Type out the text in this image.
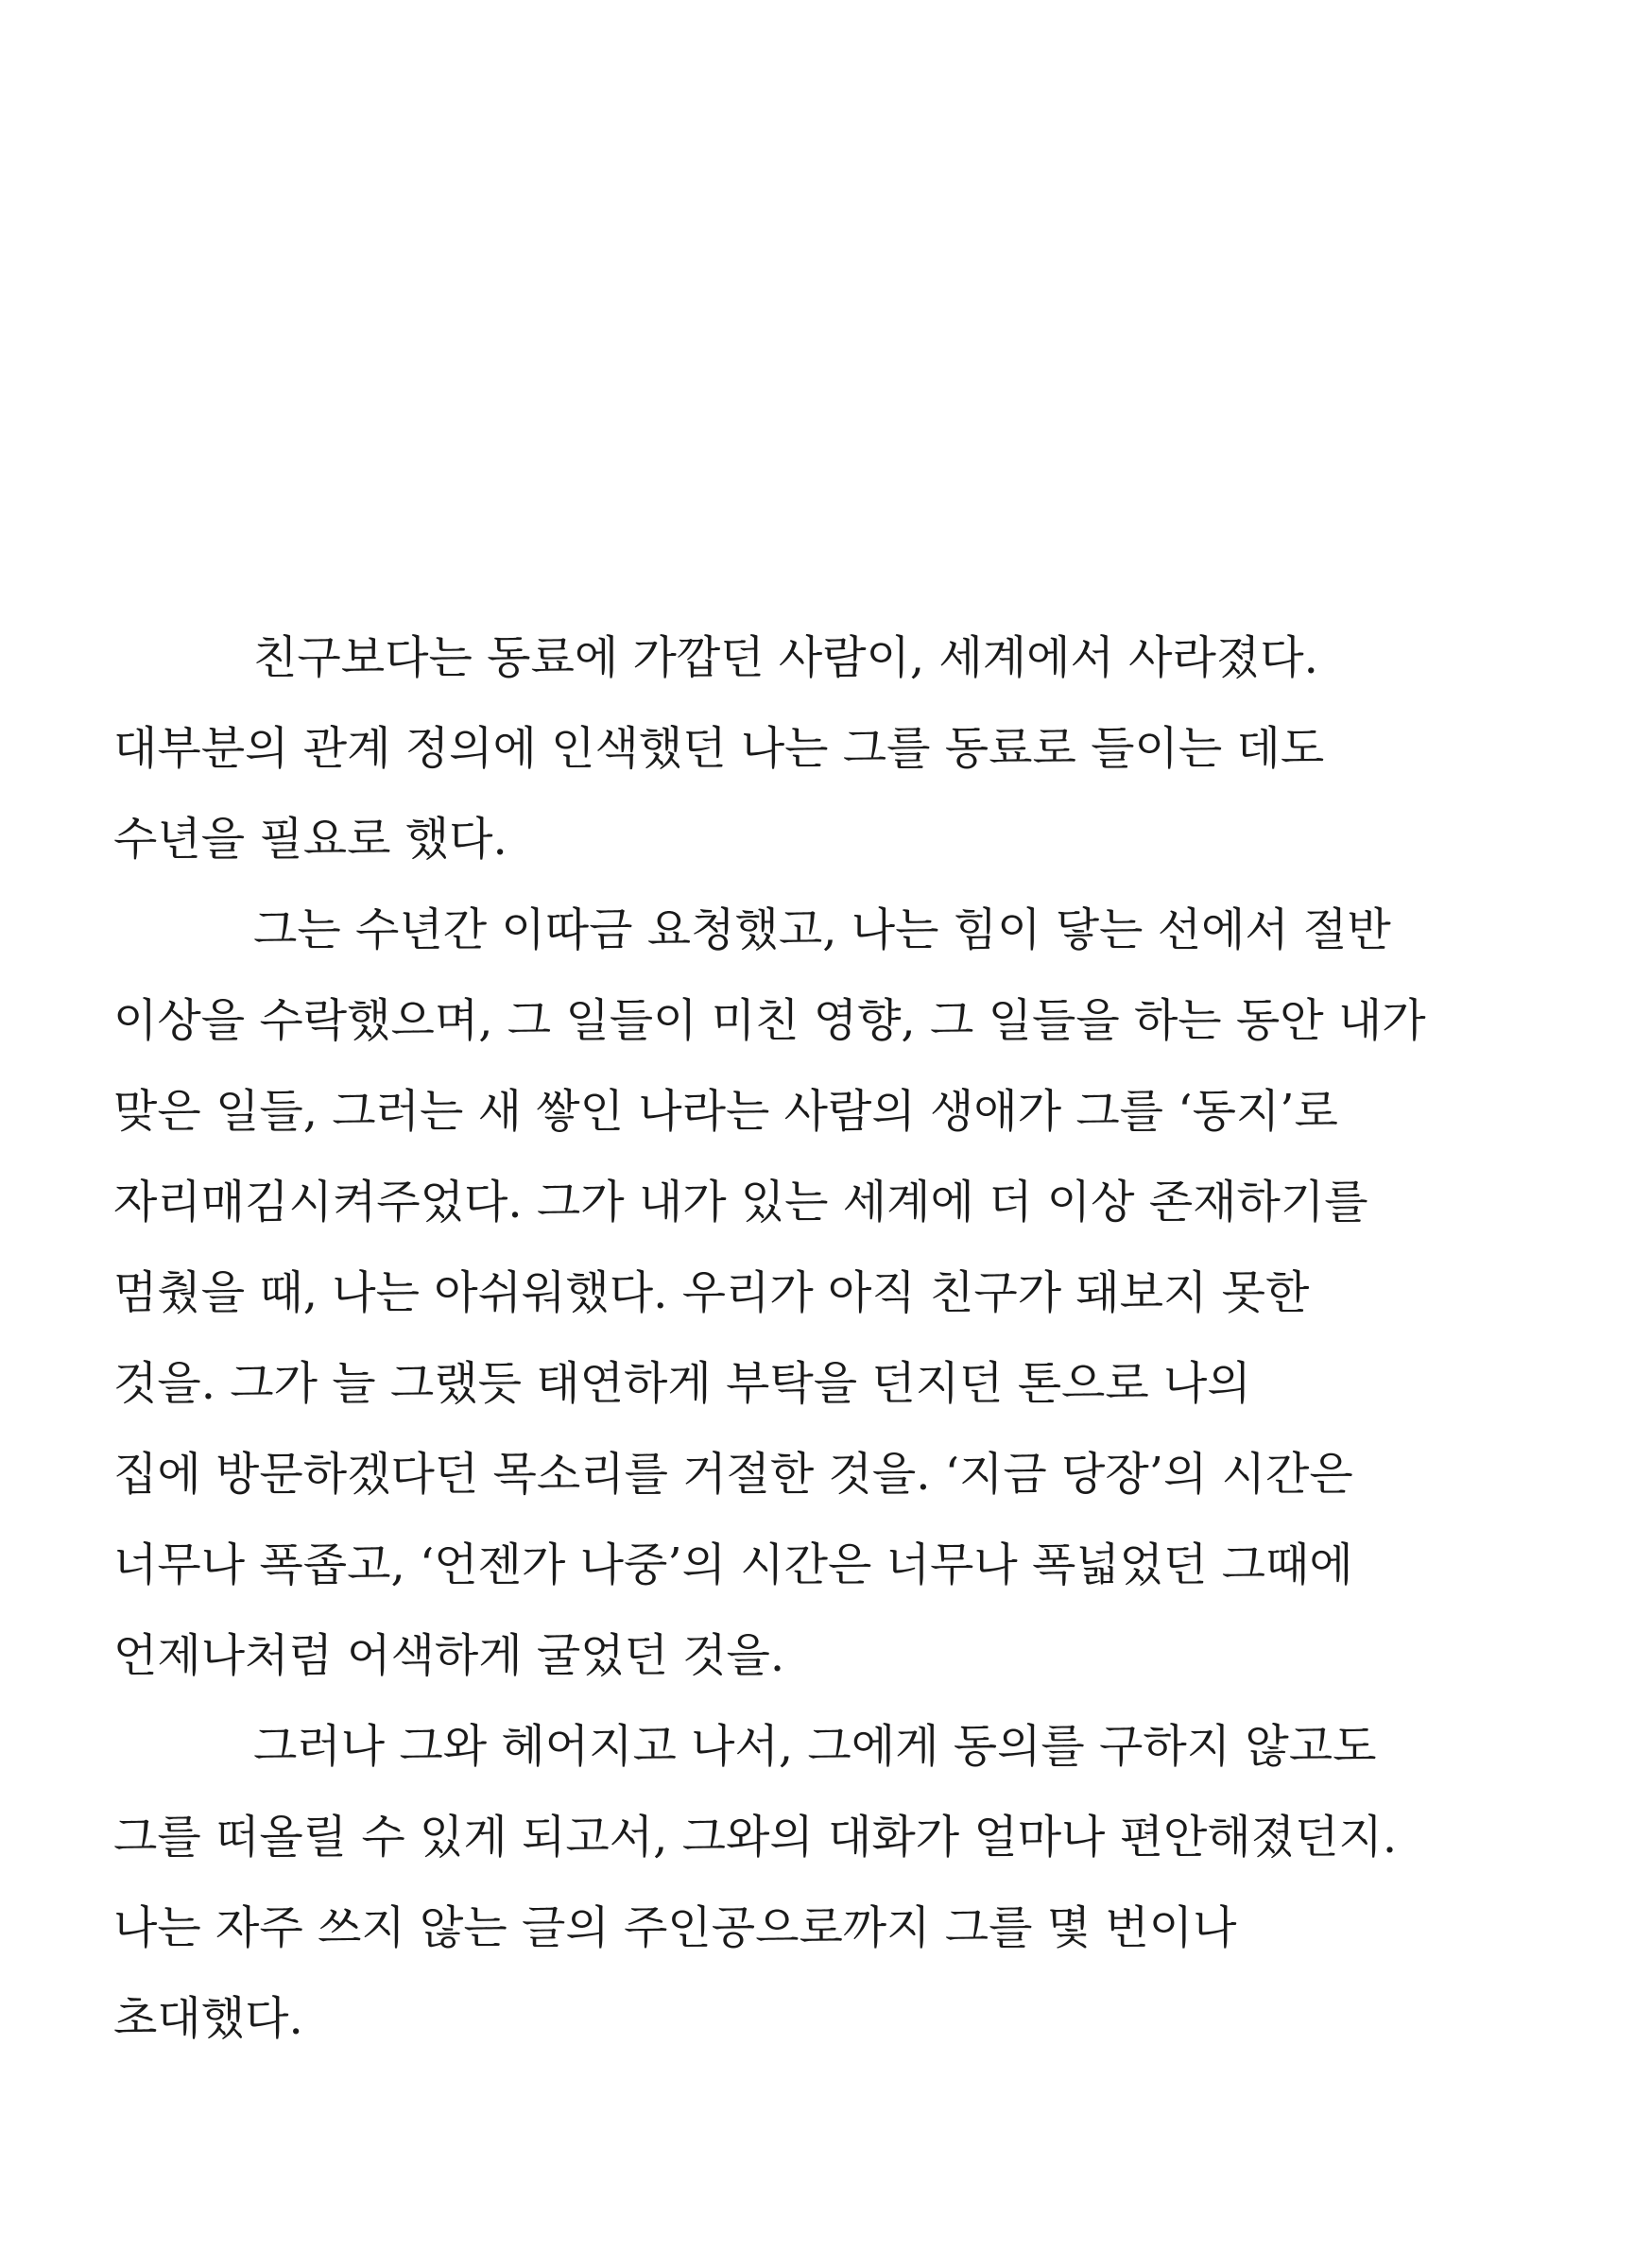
친구보다는 동료에 가깝던 사람이, 세계에서 사라졌다.
대부분의 관계 정의에 인색했던 나는 그를 동료로 들이는 데도
수년을 필요로 했다.
그는 수년간 이따금 요청했고, 나는 힘이 닿는 선에서 절반
이상을 수락했으며, 그 일들이 미친 영향, 그 일들을 하는 동안 내가
맞은 일들, 그러는 새 쌓인 나라는 사람의 생애가 그를 ‘동지’로
자리매김시켜주었다. 그가 내가 있는 세계에 더 이상 존재하기를
멈췄을 때, 나는 아쉬워했다. 우리가 아직 친구가 돼보지 못한
것을. 그가 늘 그랬듯 태연하게 부탁을 던지던 톤으로 나의
집에 방문하겠다던 목소리를 거절한 것을. ‘지금 당장’의 시간은
너무나 폭좁고, ‘언젠가 나중’의 시간은 너무나 폭넓었던 그때에
언제나처럼 어색하게 굴었던 것을.
그러나 그와 헤어지고 나서, 그에게 동의를 구하지 않고도
그를 떠올릴 수 있게 되고서, 그와의 대화가 얼마나 편안해졌던지.
나는 자주 쓰지 않는 글의 주인공으로까지 그를 몇 번이나
초대했다.
